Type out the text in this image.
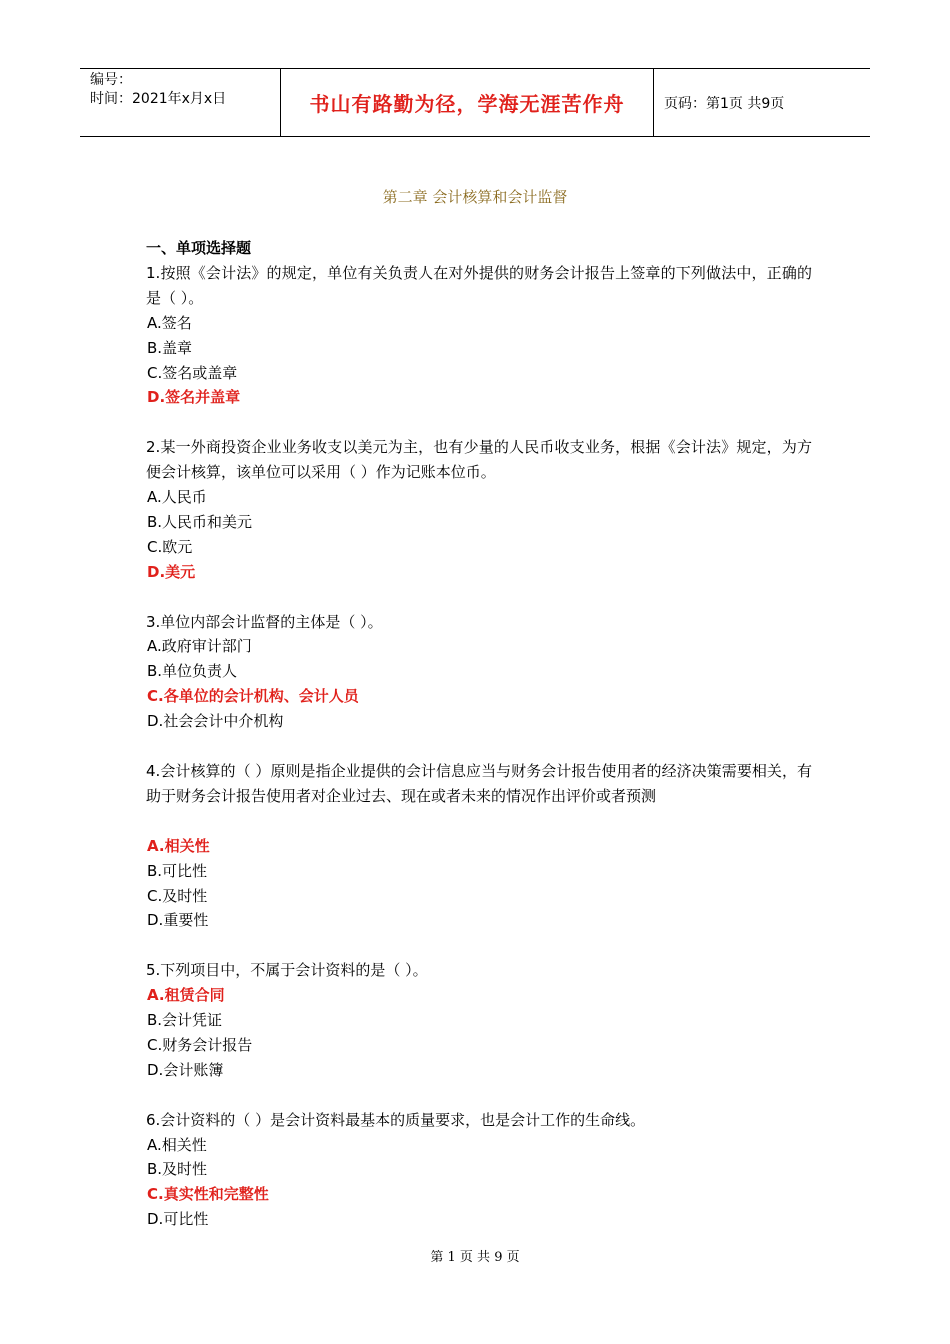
编号：
时间：2021年x月x日	书山有路勤为径，学海无涯苦作舟	页码：第1页 共9页
第二章 会计核算和会计监督
一、单项选择题
1.按照《会计法》的规定，单位有关负责人在对外提供的财务会计报告上签章的下列做法中，正确的是（ ）。
A.签名
B.盖章
C.签名或盖章
D.签名并盖章
2.某一外商投资企业业务收支以美元为主，也有少量的人民币收支业务，根据《会计法》规定，为方便会计核算，该单位可以采用（ ）作为记账本位币。
A.人民币
B.人民币和美元
C.欧元
D.美元
3.单位内部会计监督的主体是（ ）。
A.政府审计部门
B.单位负责人
C.各单位的会计机构、会计人员
D.社会会计中介机构
4.会计核算的（ ）原则是指企业提供的会计信息应当与财务会计报告使用者的经济决策需要相关，有助于财务会计报告使用者对企业过去、现在或者未来的情况作出评价或者预测
A.相关性
B.可比性
C.及时性
D.重要性
5.下列项目中，不属于会计资料的是（ ）。
A.租赁合同
B.会计凭证
C.财务会计报告
D.会计账簿
6.会计资料的（ ）是会计资料最基本的质量要求，也是会计工作的生命线。
A.相关性
B.及时性
C.真实性和完整性
D.可比性
第 1 页 共 9 页
